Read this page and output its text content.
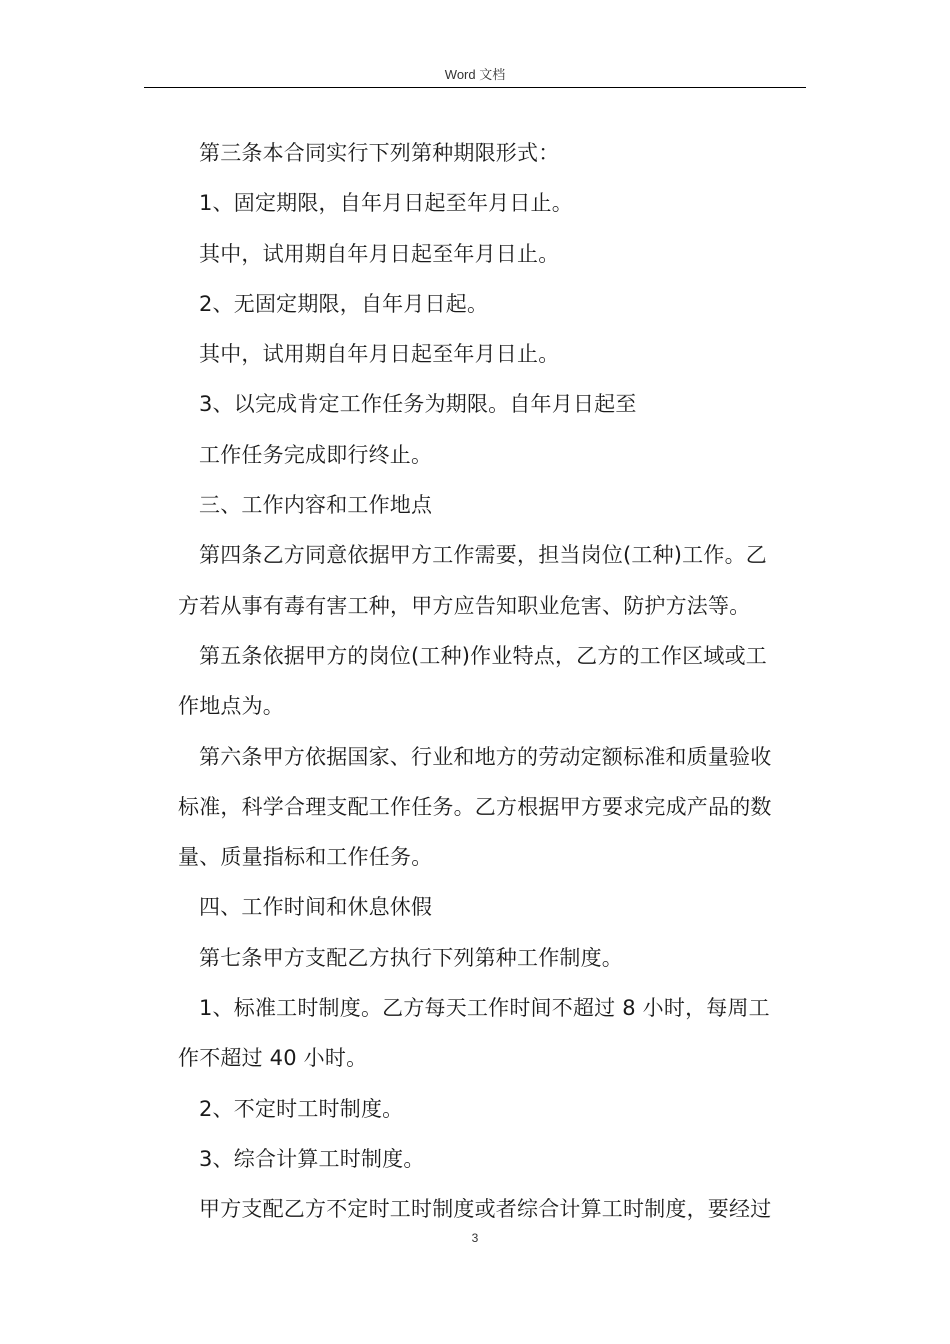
Word 文档
第三条本合同实行下列第种期限形式：
1、固定期限，自年月日起至年月日止。
其中，试用期自年月日起至年月日止。
2、无固定期限，自年月日起。
其中，试用期自年月日起至年月日止。
3、以完成肯定工作任务为期限。自年月日起至
工作任务完成即行终止。
三、工作内容和工作地点
第四条乙方同意依据甲方工作需要，担当岗位(工种)工作。乙
方若从事有毒有害工种，甲方应告知职业危害、防护方法等。
第五条依据甲方的岗位(工种)作业特点，乙方的工作区域或工
作地点为。
第六条甲方依据国家、行业和地方的劳动定额标准和质量验收
标准，科学合理支配工作任务。乙方根据甲方要求完成产品的数
量、质量指标和工作任务。
四、工作时间和休息休假
第七条甲方支配乙方执行下列第种工作制度。
1、标准工时制度。乙方每天工作时间不超过 8 小时，每周工
作不超过 40 小时。
2、不定时工时制度。
3、综合计算工时制度。
甲方支配乙方不定时工时制度或者综合计算工时制度，要经过
3
